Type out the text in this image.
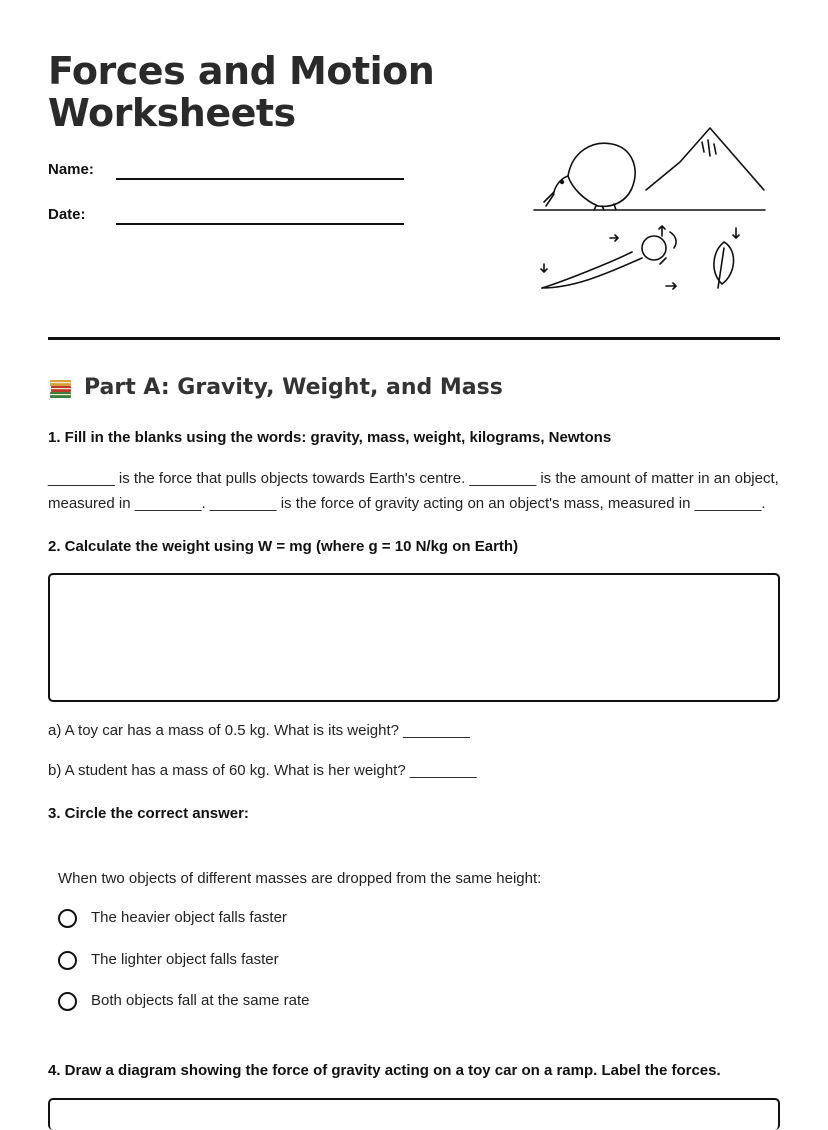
Forces and Motion
Worksheets
Name:
Date:
Part A: Gravity, Weight, and Mass

1. Fill in the blanks using the words: gravity, mass, weight, kilograms, Newtons

________ is the force that pulls objects towards Earth's centre. ________ is the amount of matter in an object, measured in ________. ________ is the force of gravity acting on an object's mass, measured in ________.

2. Calculate the weight using W = mg (where g = 10 N/kg on Earth)

a) A toy car has a mass of 0.5 kg. What is its weight? ________

b) A student has a mass of 60 kg. What is her weight? ________

3. Circle the correct answer:

When two objects of different masses are dropped from the same height:

The heavier object falls faster
The lighter object falls faster
Both objects fall at the same rate

4. Draw a diagram showing the force of gravity acting on a toy car on a ramp. Label the forces.
